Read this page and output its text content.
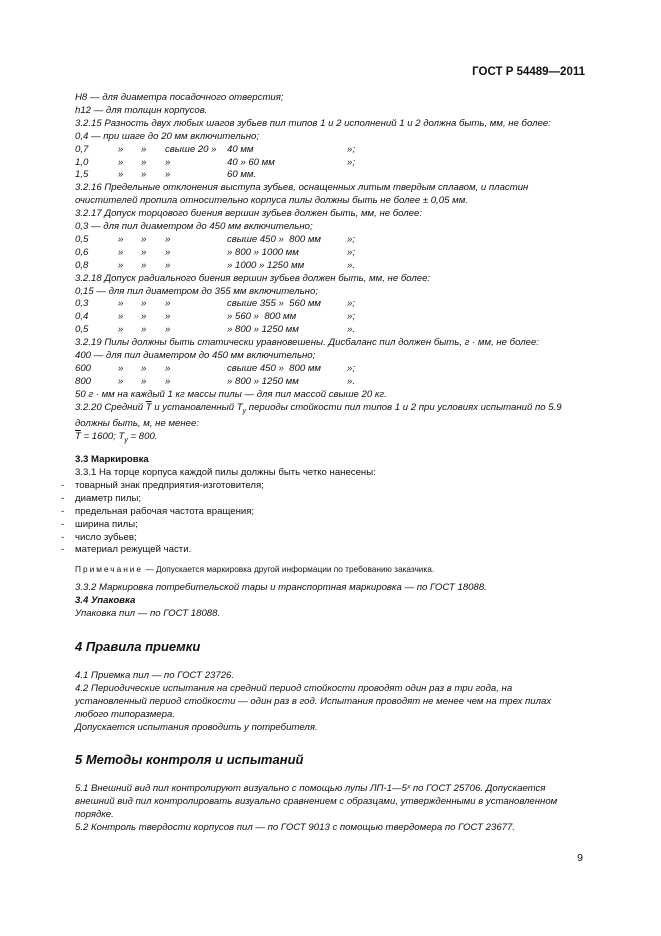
ГОСТ Р 54489—2011

H8 — для диаметра посадочного отверстия;

h12 — для толщин корпусов.

3.2.15 Разность двух любых шагов зубьев пил типов 1 и 2 исполнений 1 и 2 должна быть, мм, не более:

0,4 — при шаге до 20 мм включительно;

0,7	»	»	свыше 20 »	40 мм	»;
1,0	»	»	»	40 » 60 мм	»;
1,5	»	»	»	60 мм.

3.2.16 Предельные отклонения выступа зубьев, оснащенных литым твердым сплавом, и пластин очистителей пропила относительно корпуса пилы должны быть не более ± 0,05 мм.

3.2.17 Допуск торцового биения вершин зубьев должен быть, мм, не более:

0,3 — для пил диаметром до 450 мм включительно;

0,5	»	»	»	свыше 450 »  800 мм	»;
0,6	»	»	»	» 800 » 1000 мм	»;
0,8	»	»	»	» 1000 » 1250 мм	».

3.2.18 Допуск радиального биения вершин зубьев должен быть, мм, не более:

0,15 — для пил диаметром до 355 мм включительно;

0,3	»	»	»	свыше 355 »  560 мм	»;
0,4	»	»	»	» 560 »  800 мм	»;
0,5	»	»	»	» 800 » 1250 мм	».

3.2.19 Пилы должны быть статически уравновешены. Дисбаланс пил должен быть, г · мм, не более:

400 — для пил диаметром до 450 мм включительно;

600	»	»	»	свыше 450 »  800 мм	»;
800	»	»	»	» 800 » 1250 мм	».

50 г · мм на каждый 1 кг массы пилы — для пил массой свыше 20 кг.

3.2.20 Средний $\overline{T}$ и установленный $T_у$ периоды стойкости пил типов 1 и 2 при условиях испытаний по 5.9 должны быть, м, не менее:

$\overline{T} = 1600$; $T_у = 800$.

3.3 Маркировка

3.3.1 На торце корпуса каждой пилы должны быть четко нанесены:

- товарный знак предприятия-изготовителя;
- диаметр пилы;
- предельная рабочая частота вращения;
- ширина пилы;
- число зубьев;
- материал режущей части.

Примечание — Допускается маркировка другой информации по требованию заказчика.

3.3.2 Маркировка потребительской тары и транспортная маркировка — по ГОСТ 18088.

3.4 Упаковка

Упаковка пил — по ГОСТ 18088.

4 Правила приемки

4.1 Приемка пил — по ГОСТ 23726.

4.2 Периодические испытания на средний период стойкости проводят один раз в три года, на установленный период стойкости — один раз в год. Испытания проводят не менее чем на трех пилах любого типоразмера.

Допускается испытания проводить у потребителя.

5 Методы контроля и испытаний

5.1 Внешний вид пил контролируют визуально с помощью лупы ЛП-1—5ˣ по ГОСТ 25706. Допускается внешний вид пил контролировать визуально сравнением с образцами, утвержденными в установленном порядке.

5.2 Контроль твердости корпусов пил — по ГОСТ 9013 с помощью твердомера по ГОСТ 23677.

9
